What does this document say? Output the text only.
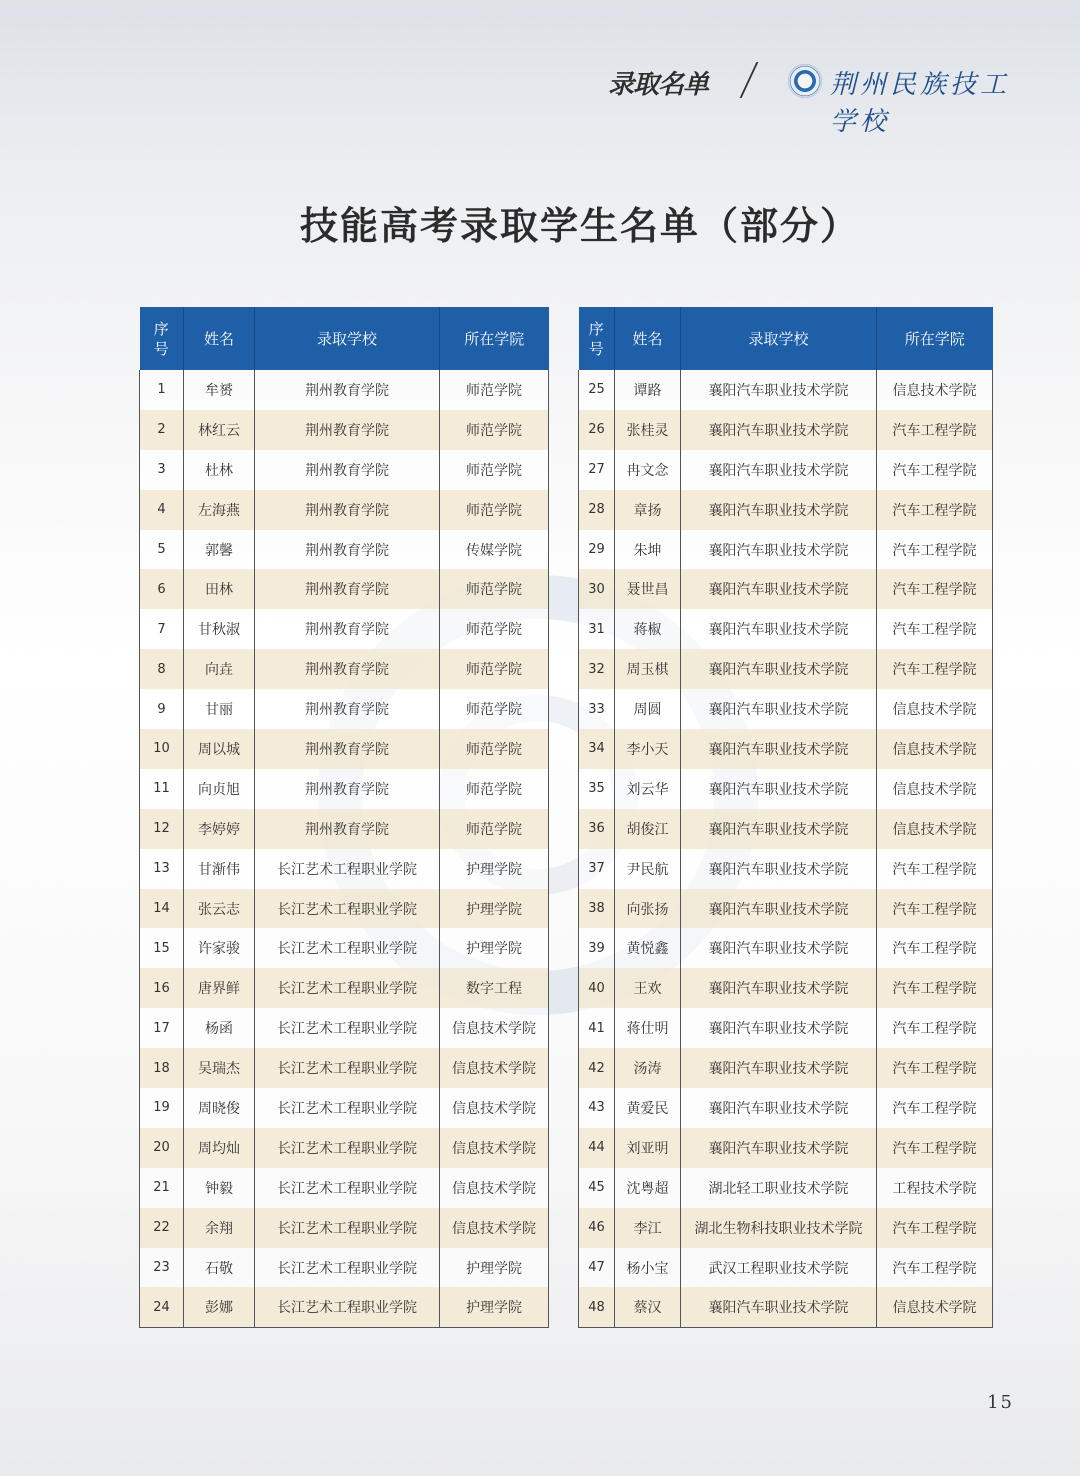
录取名单	荆州民族技工学校
技能高考录取学生名单（部分）
序
号	姓名	录取学校	所在学院
1	牟赟	荆州教育学院	师范学院
2	林红云	荆州教育学院	师范学院
3	杜林	荆州教育学院	师范学院
4	左海燕	荆州教育学院	师范学院
5	郭馨	荆州教育学院	传媒学院
6	田林	荆州教育学院	师范学院
7	甘秋淑	荆州教育学院	师范学院
8	向垚	荆州教育学院	师范学院
9	甘丽	荆州教育学院	师范学院
10	周以城	荆州教育学院	师范学院
11	向贞旭	荆州教育学院	师范学院
12	李婷婷	荆州教育学院	师范学院
13	甘渐伟	长江艺术工程职业学院	护理学院
14	张云志	长江艺术工程职业学院	护理学院
15	许家骏	长江艺术工程职业学院	护理学院
16	唐界鲜	长江艺术工程职业学院	数字工程
17	杨函	长江艺术工程职业学院	信息技术学院
18	吴瑞杰	长江艺术工程职业学院	信息技术学院
19	周晓俊	长江艺术工程职业学院	信息技术学院
20	周均灿	长江艺术工程职业学院	信息技术学院
21	钟毅	长江艺术工程职业学院	信息技术学院
22	余翔	长江艺术工程职业学院	信息技术学院
23	石敬	长江艺术工程职业学院	护理学院
24	彭娜	长江艺术工程职业学院	护理学院
序
号	姓名	录取学校	所在学院
25	谭路	襄阳汽车职业技术学院	信息技术学院
26	张桂灵	襄阳汽车职业技术学院	汽车工程学院
27	冉文念	襄阳汽车职业技术学院	汽车工程学院
28	章扬	襄阳汽车职业技术学院	汽车工程学院
29	朱坤	襄阳汽车职业技术学院	汽车工程学院
30	聂世昌	襄阳汽车职业技术学院	汽车工程学院
31	蒋椒	襄阳汽车职业技术学院	汽车工程学院
32	周玉棋	襄阳汽车职业技术学院	汽车工程学院
33	周圆	襄阳汽车职业技术学院	信息技术学院
34	李小天	襄阳汽车职业技术学院	信息技术学院
35	刘云华	襄阳汽车职业技术学院	信息技术学院
36	胡俊江	襄阳汽车职业技术学院	信息技术学院
37	尹民航	襄阳汽车职业技术学院	汽车工程学院
38	向张扬	襄阳汽车职业技术学院	汽车工程学院
39	黄悦鑫	襄阳汽车职业技术学院	汽车工程学院
40	王欢	襄阳汽车职业技术学院	汽车工程学院
41	蒋仕明	襄阳汽车职业技术学院	汽车工程学院
42	汤涛	襄阳汽车职业技术学院	汽车工程学院
43	黄爱民	襄阳汽车职业技术学院	汽车工程学院
44	刘亚明	襄阳汽车职业技术学院	汽车工程学院
45	沈粤超	湖北轻工职业技术学院	工程技术学院
46	李江	湖北生物科技职业技术学院	汽车工程学院
47	杨小宝	武汉工程职业技术学院	汽车工程学院
48	蔡汉	襄阳汽车职业技术学院	信息技术学院
15
